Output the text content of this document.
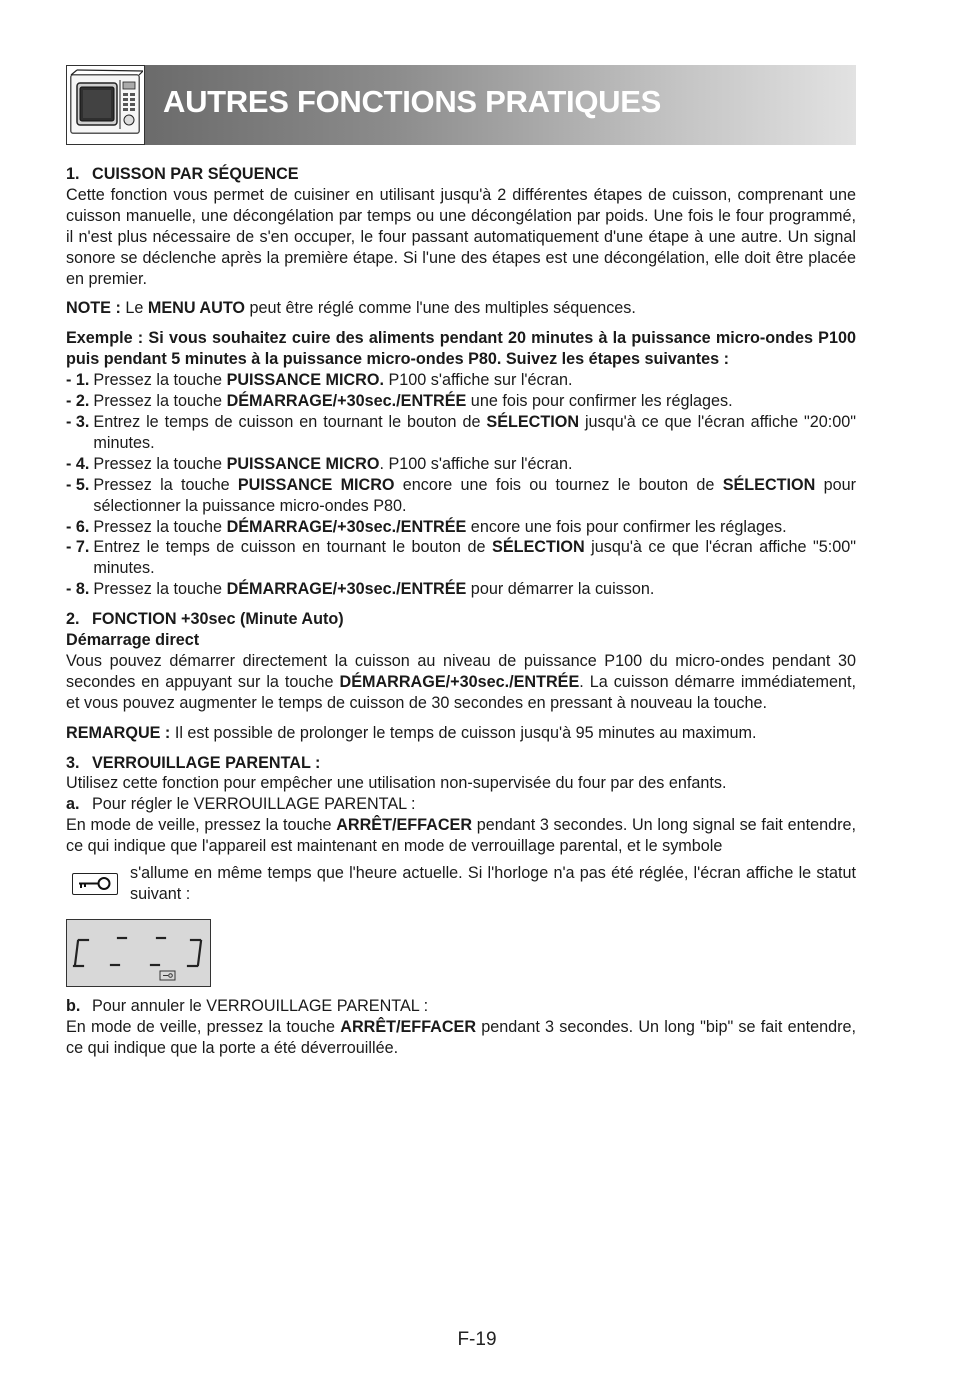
AUTRES FONCTIONS PRATIQUES
1. CUISSON PAR SÉQUENCE
Cette fonction vous permet de cuisiner en utilisant jusqu'à 2 différentes étapes de cuisson, comprenant une cuisson manuelle, une décongélation par temps ou une décongélation par poids. Une fois le four programmé, il n'est plus nécessaire de s'en occuper, le four passant automatiquement d'une étape à une autre. Un signal sonore se déclenche après la première étape. Si l'une des étapes est une décongélation, elle doit être placée en premier.
NOTE : Le MENU AUTO peut être réglé comme l'une des multiples séquences.
Exemple : Si vous souhaitez cuire des aliments pendant 20 minutes à la puissance micro-ondes P100 puis pendant 5 minutes à la puissance micro-ondes P80. Suivez les étapes suivantes :
- 1. Pressez la touche PUISSANCE MICRO. P100 s'affiche sur l'écran.
- 2. Pressez la touche DÉMARRAGE/+30sec./ENTRÉE une fois pour confirmer les réglages.
- 3. Entrez le temps de cuisson en tournant le bouton de SÉLECTION jusqu'à ce que l'écran affiche "20:00" minutes.
- 4. Pressez la touche PUISSANCE MICRO. P100 s'affiche sur l'écran.
- 5. Pressez la touche PUISSANCE MICRO encore une fois ou tournez le bouton de SÉLECTION pour sélectionner la puissance micro-ondes P80.
- 6. Pressez la touche DÉMARRAGE/+30sec./ENTRÉE encore une fois pour confirmer les réglages.
- 7. Entrez le temps de cuisson en tournant le bouton de SÉLECTION jusqu'à ce que l'écran affiche "5:00" minutes.
- 8. Pressez la touche DÉMARRAGE/+30sec./ENTRÉE pour démarrer la cuisson.
2. FONCTION +30sec (Minute Auto)
Démarrage direct
Vous pouvez démarrer directement la cuisson au niveau de puissance P100 du micro-ondes pendant 30 secondes en appuyant sur la touche DÉMARRAGE/+30sec./ENTRÉE. La cuisson démarre immédiatement, et vous pouvez augmenter le temps de cuisson de 30 secondes en pressant à nouveau la touche.
REMARQUE : Il est possible de prolonger le temps de cuisson jusqu'à 95 minutes au maximum.
3. VERROUILLAGE PARENTAL :
Utilisez cette fonction pour empêcher une utilisation non-supervisée du four par des enfants.
a. Pour régler le VERROUILLAGE PARENTAL :
En mode de veille, pressez la touche ARRÊT/EFFACER pendant 3 secondes. Un long signal se fait entendre, ce qui indique que l'appareil est maintenant en mode de verrouillage parental, et le symbole
s'allume en même temps que l'heure actuelle. Si l'horloge n'a pas été réglée, l'écran affiche le statut suivant :
b. Pour annuler le VERROUILLAGE PARENTAL :
En mode de veille, pressez la touche ARRÊT/EFFACER pendant 3 secondes. Un long "bip" se fait entendre, ce qui indique que la porte a été déverrouillée.
F-19
